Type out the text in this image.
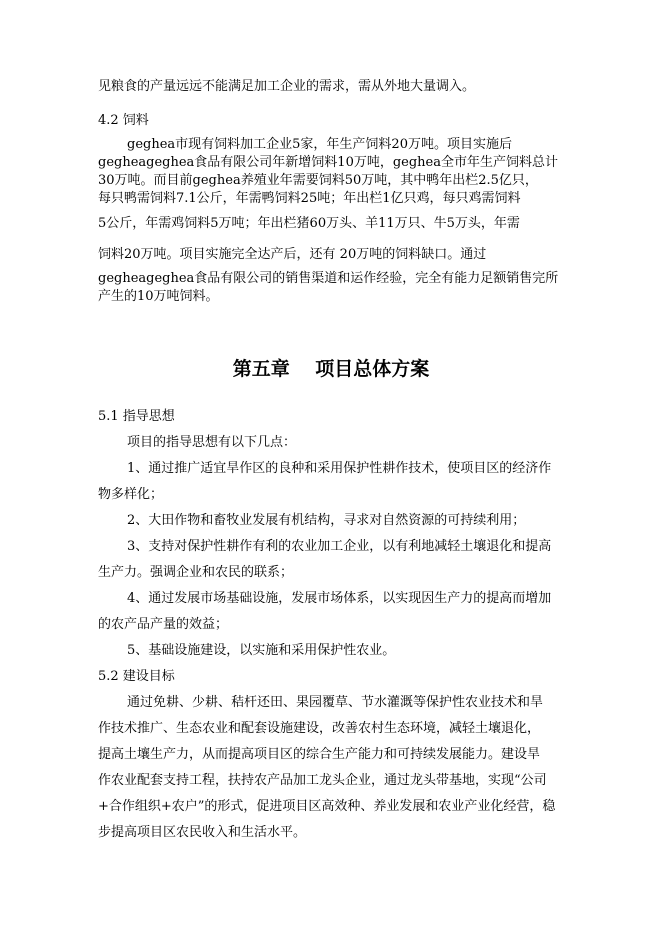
见粮食的产量远远不能满足加工企业的需求，需从外地大量调入。
4.2 饲料
geghea市现有饲料加工企业5家，年生产饲料20万吨。项目实施后
gegheageghea食品有限公司年新增饲料10万吨，geghea全市年生产饲料总计
30万吨。而目前geghea养殖业年需要饲料50万吨，其中鸭年出栏2.5亿只，
每只鸭需饲料7.1公斤，年需鸭饲料25吨；年出栏1亿只鸡，每只鸡需饲料
5公斤，年需鸡饲料5万吨；年出栏猪60万头、羊11万只、牛5万头，年需
饲料20万吨。项目实施完全达产后，还有 20万吨的饲料缺口。通过
gegheageghea食品有限公司的销售渠道和运作经验，完全有能力足额销售完所
产生的10万吨饲料。
第五章　 项目总体方案
5.1 指导思想
项目的指导思想有以下几点：
1、通过推广适宜旱作区的良种和采用保护性耕作技术，使项目区的经济作
物多样化；
2、大田作物和畜牧业发展有机结构，寻求对自然资源的可持续利用；
3、支持对保护性耕作有利的农业加工企业，以有利地减轻土壤退化和提高
生产力。强调企业和农民的联系；
4、通过发展市场基础设施，发展市场体系，以实现因生产力的提高而增加
的农产品产量的效益；
5、基础设施建设，以实施和采用保护性农业。
5.2 建设目标
通过免耕、少耕、秸杆还田、果园覆草、节水灌溉等保护性农业技术和旱
作技术推广、生态农业和配套设施建设，改善农村生态环境，减轻土壤退化，
提高土壤生产力，从而提高项目区的综合生产能力和可持续发展能力。建设旱
作农业配套支持工程，扶持农产品加工龙头企业，通过龙头带基地，实现“公司
+合作组织+农户”的形式，促进项目区高效种、养业发展和农业产业化经营，稳
步提高项目区农民收入和生活水平。
